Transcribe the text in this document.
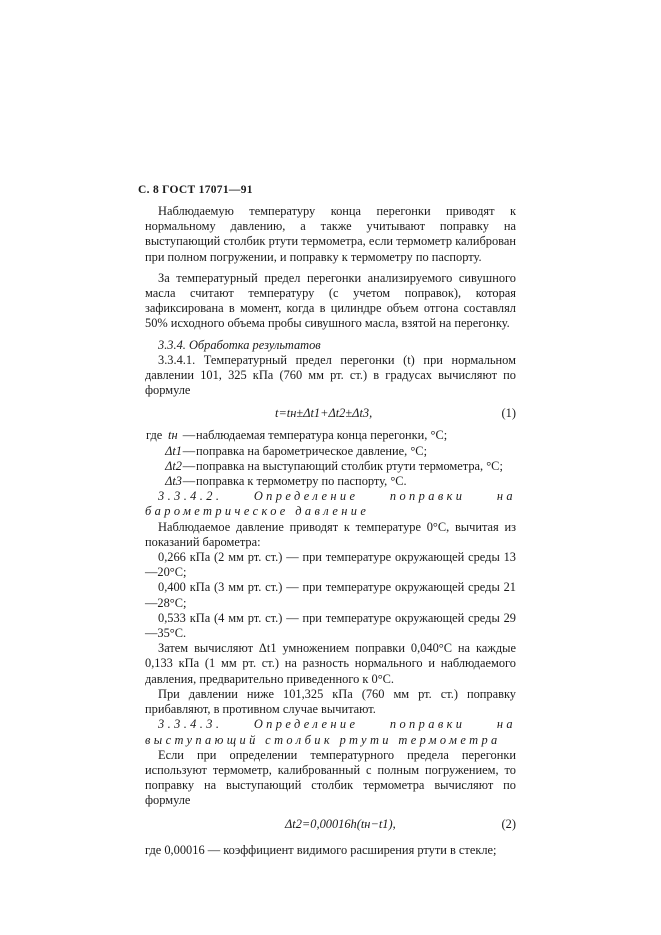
С. 8 ГОСТ 17071—91

Наблюдаемую температуру конца перегонки приводят к нормальному давлению, а также учитывают поправку на выступающий столбик ртути термометра, если термометр калиброван при полном погружении, и поправку к термометру по паспорту.

За температурный предел перегонки анализируемого сивушного масла считают температуру (с учетом поправок), которая зафиксирована в момент, когда в цилиндре объем отгона составлял 50% исходного объема пробы сивушного масла, взятой на перегонку.

3.3.4. Обработка результатов

3.3.4.1. Температурный предел перегонки (t) при нормальном давлении 101, 325 кПа (760 мм рт. ст.) в градусах вычисляют по формуле

t=tн±Δt1+Δt2±Δt3,	(1)
где tн — наблюдаемая температура конца перегонки, °С;
Δt1 — поправка на барометрическое давление, °С;
Δt2 — поправка на выступающий столбик ртути термометра, °С;
Δt3 — поправка к термометру по паспорту, °С.

3.3.4.2. Определение поправки на барометрическое давление

Наблюдаемое давление приводят к температуре 0°С, вычитая из показаний барометра:

0,266 кПа (2 мм рт. ст.) — при температуре окружающей среды 13—20°С;

0,400 кПа (3 мм рт. ст.) — при температуре окружающей среды 21—28°С;

0,533 кПа (4 мм рт. ст.) — при температуре окружающей среды 29—35°С.

Затем вычисляют Δt1 умножением поправки 0,040°С на каждые 0,133 кПа (1 мм рт. ст.) на разность нормального и наблюдаемого давления, предварительно приведенного к 0°С.

При давлении ниже 101,325 кПа (760 мм рт. ст.) поправку прибавляют, в противном случае вычитают.

3.3.4.3. Определение поправки на выступающий столбик ртути термометра

Если при определении температурного предела перегонки используют термометр, калиброванный с полным погружением, то поправку на выступающий столбик термометра вычисляют по формуле

Δt2=0,00016h(tн−t1),	(2)

где 0,00016 — коэффициент видимого расширения ртути в стекле;
